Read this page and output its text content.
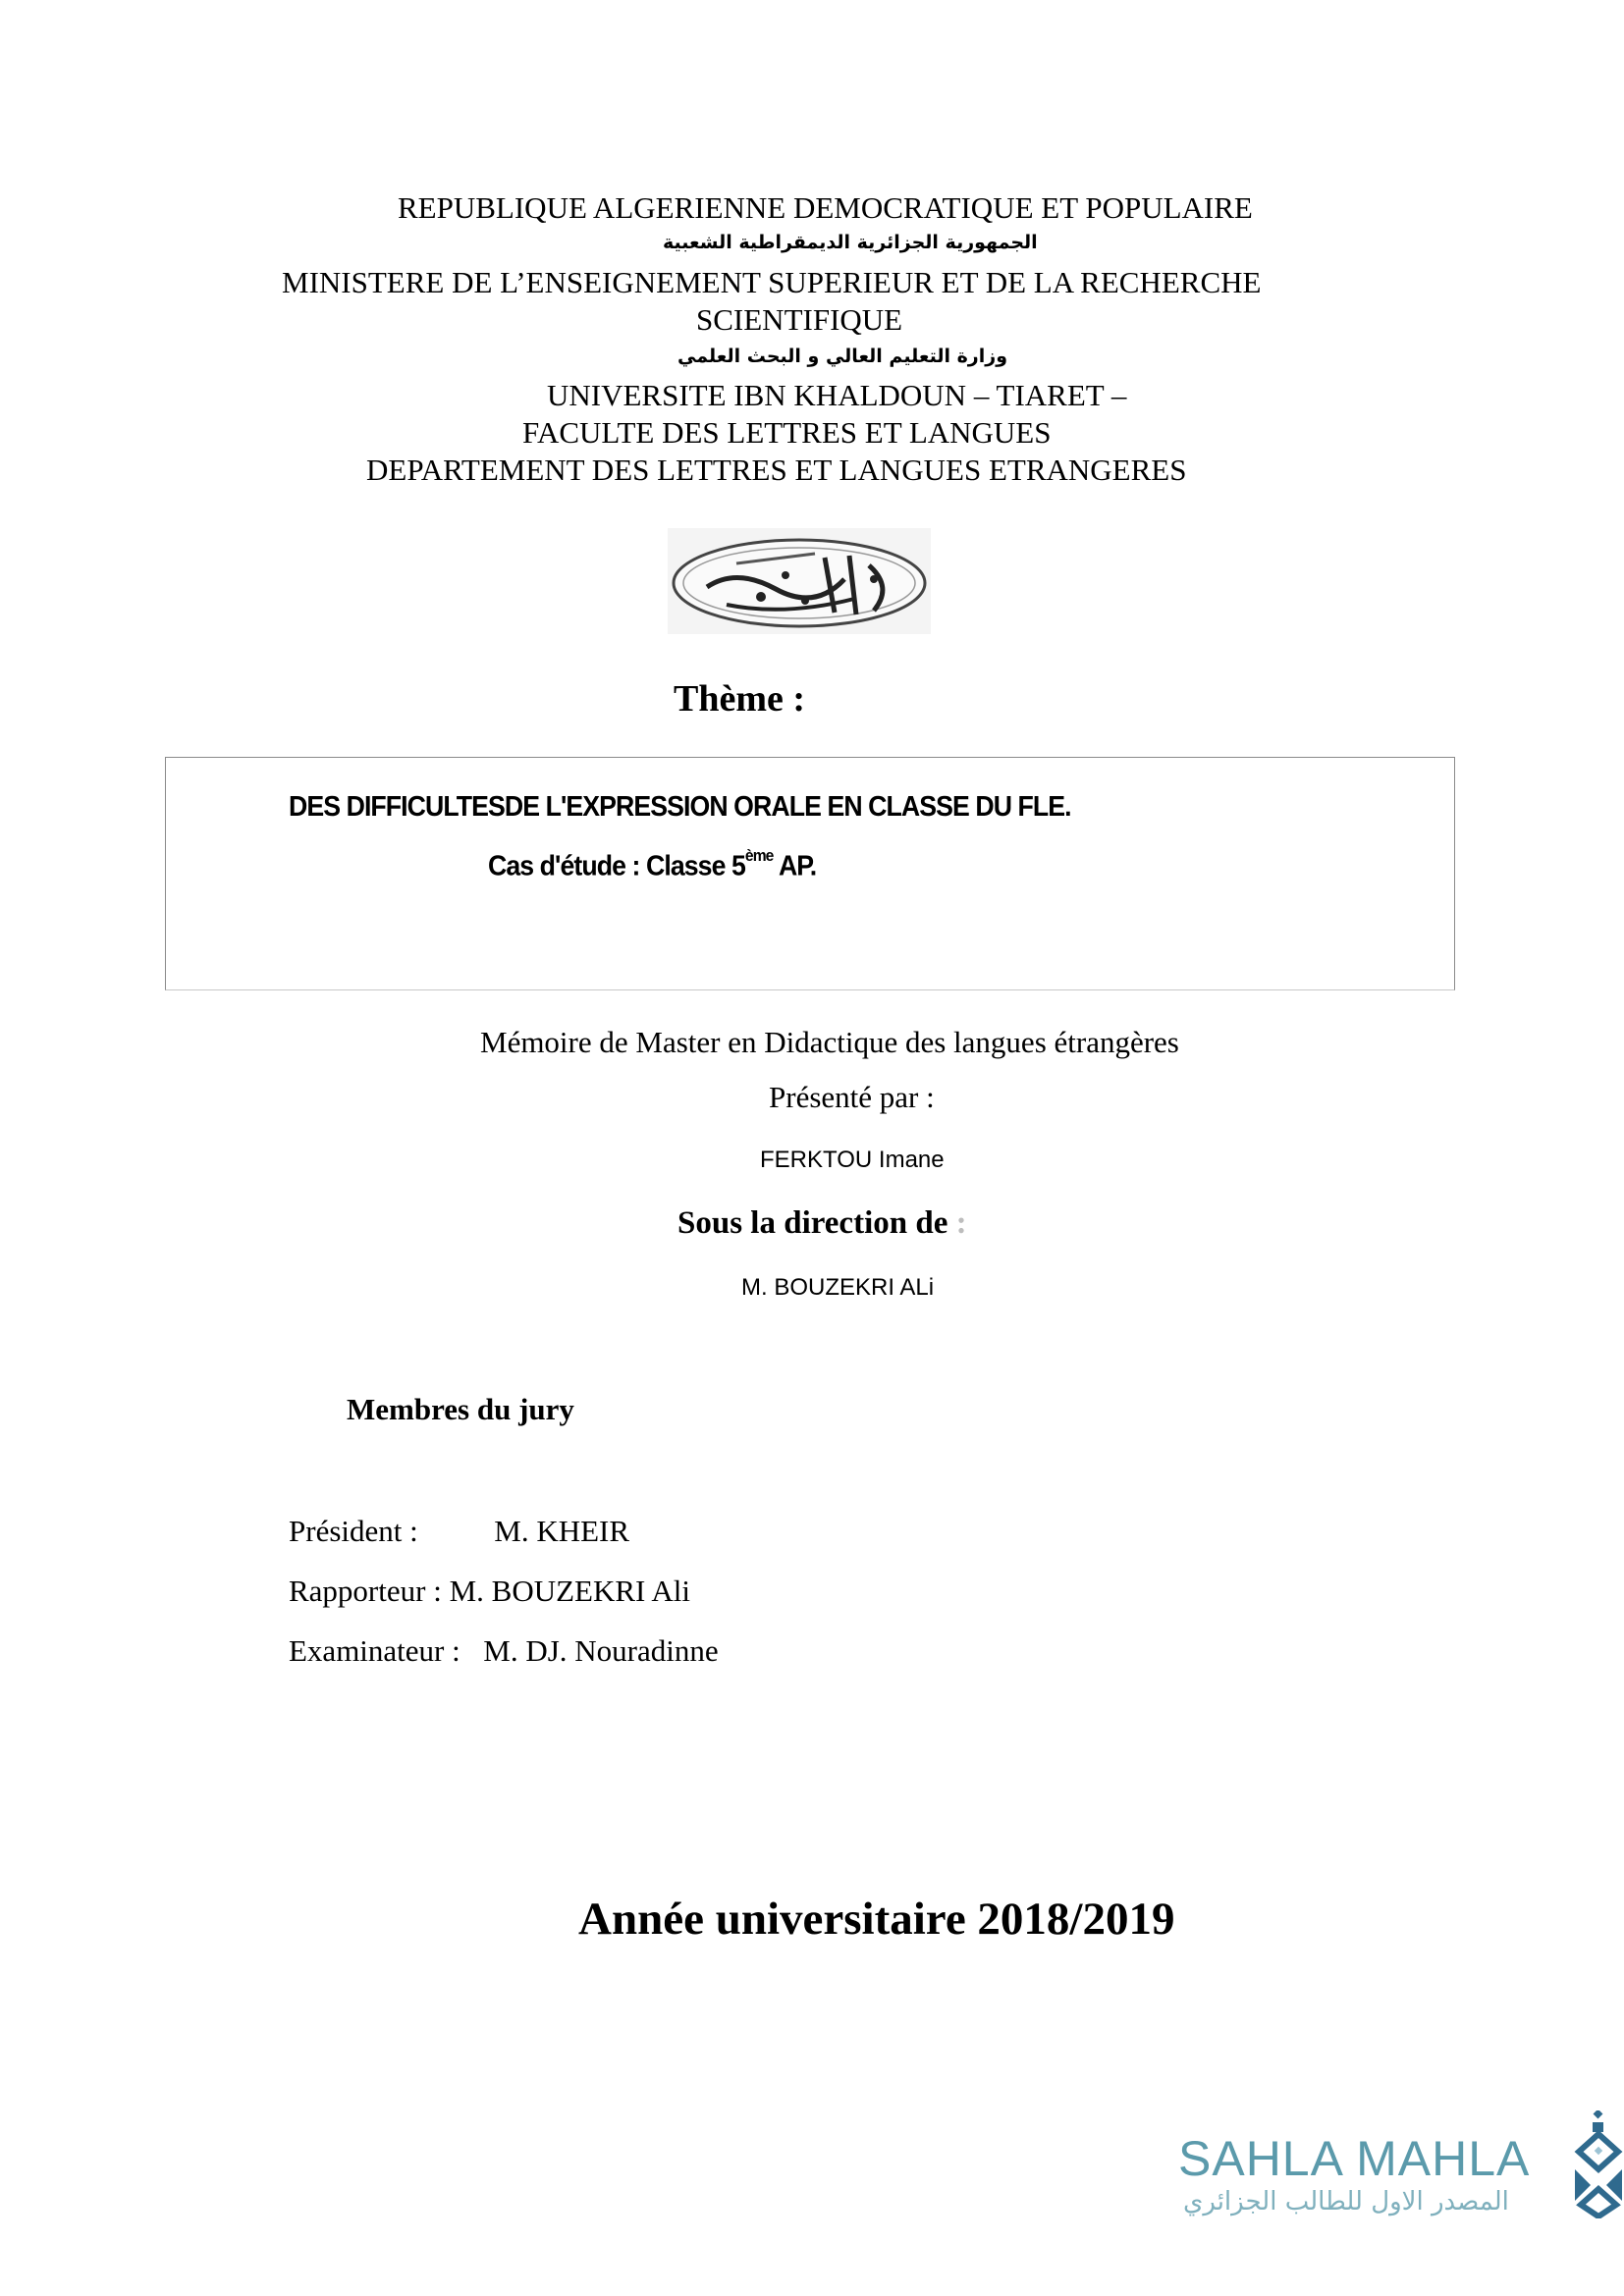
REPUBLIQUE ALGERIENNE DEMOCRATIQUE ET POPULAIRE
الجمهورية الجزائرية الديمقراطية الشعبية
MINISTERE DE L’ENSEIGNEMENT SUPERIEUR ET DE LA RECHERCHE
SCIENTIFIQUE
وزارة التعليم العالي و البحث العلمي
UNIVERSITE IBN KHALDOUN – TIARET –
FACULTE DES LETTRES ET LANGUES
DEPARTEMENT DES LETTRES ET LANGUES ETRANGERES
Thème :
DES DIFFICULTESDE L'EXPRESSION ORALE EN CLASSE DU FLE.
Cas d'étude : Classe 5ème AP.
Mémoire de Master en Didactique des langues étrangères
Présenté par :
FERKTOU Imane
Sous la direction de :
M. BOUZEKRI ALi
Membres du jury
Président :	M. KHEIR
Rapporteur : M. BOUZEKRI Ali
Examinateur : M. DJ. Nouradinne
Année universitaire 2018/2019
SAHLA MAHLA
المصدر الاول للطالب الجزائري
